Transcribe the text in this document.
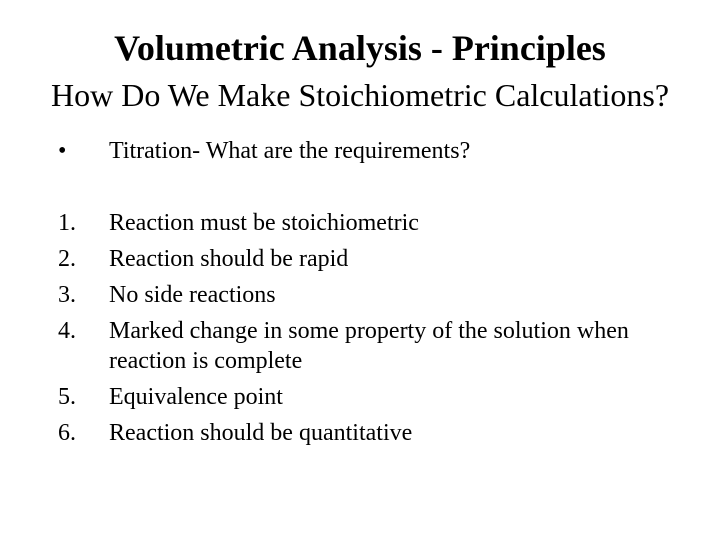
Volumetric Analysis - Principles
How Do We Make Stoichiometric Calculations?
• Titration- What are the requirements?
1. Reaction must be stoichiometric
2. Reaction should be rapid
3. No side reactions
4. Marked change in some property of the solution when reaction is complete
5. Equivalence point
6. Reaction should be quantitative
